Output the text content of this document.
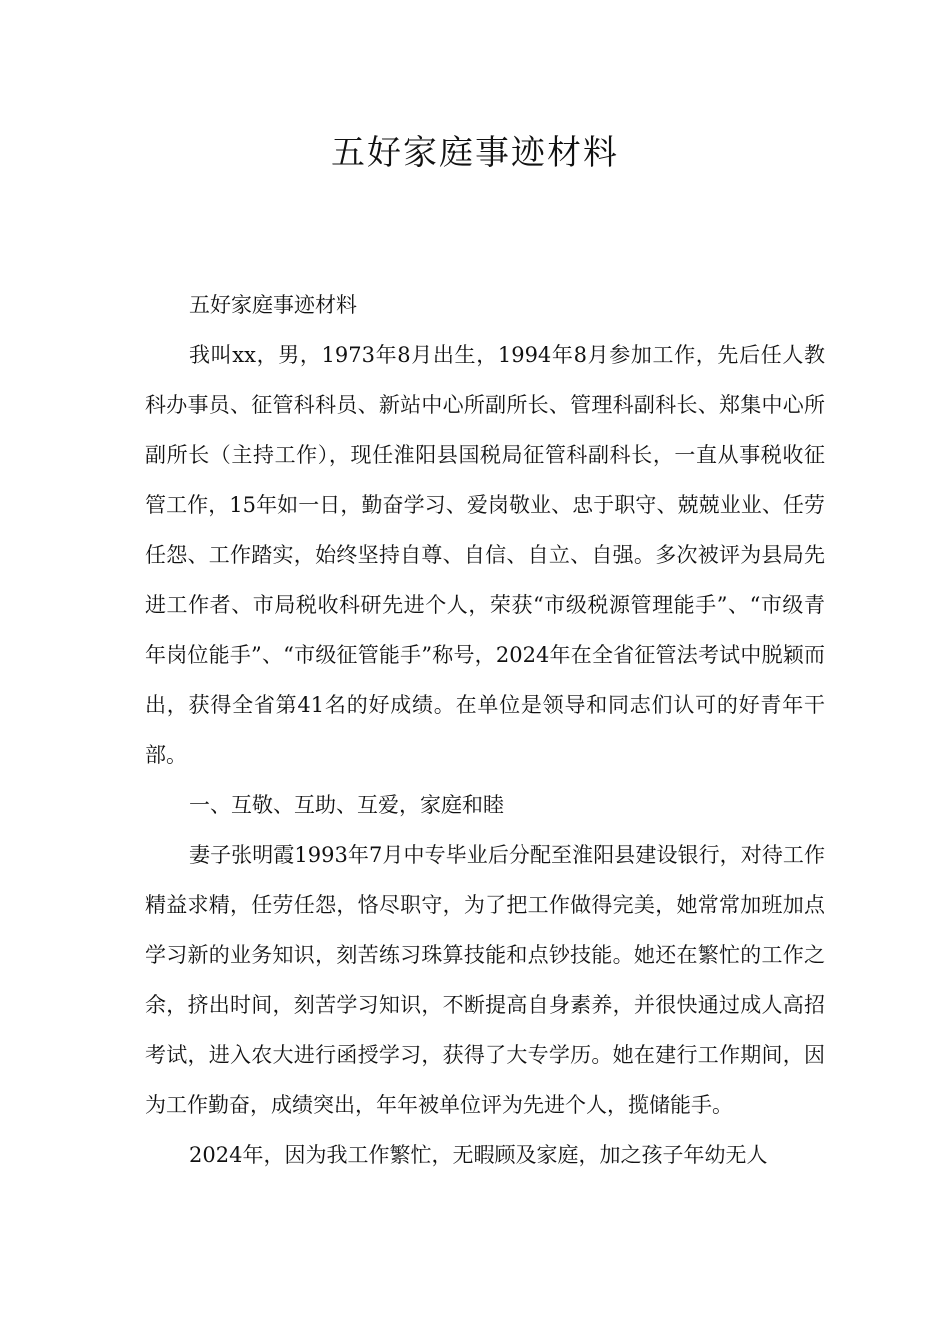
五好家庭事迹材料

五好家庭事迹材料

我叫xx，男，1973年8月出生，1994年8月参加工作，先后任人教科办事员、征管科科员、新站中心所副所长、管理科副科长、郑集中心所副所长（主持工作），现任淮阳县国税局征管科副科长，一直从事税收征管工作，15年如一日，勤奋学习、爱岗敬业、忠于职守、兢兢业业、任劳任怨、工作踏实，始终坚持自尊、自信、自立、自强。多次被评为县局先进工作者、市局税收科研先进个人，荣获“市级税源管理能手”、“市级青年岗位能手”、“市级征管能手”称号，2024年在全省征管法考试中脱颖而出，获得全省第41名的好成绩。在单位是领导和同志们认可的好青年干部。

一、互敬、互助、互爱，家庭和睦

妻子张明霞1993年7月中专毕业后分配至淮阳县建设银行，对待工作精益求精，任劳任怨，恪尽职守，为了把工作做得完美，她常常加班加点学习新的业务知识，刻苦练习珠算技能和点钞技能。她还在繁忙的工作之余，挤出时间，刻苦学习知识，不断提高自身素养，并很快通过成人高招考试，进入农大进行函授学习，获得了大专学历。她在建行工作期间，因为工作勤奋，成绩突出，年年被单位评为先进个人，揽储能手。

2024年，因为我工作繁忙，无暇顾及家庭，加之孩子年幼无人
